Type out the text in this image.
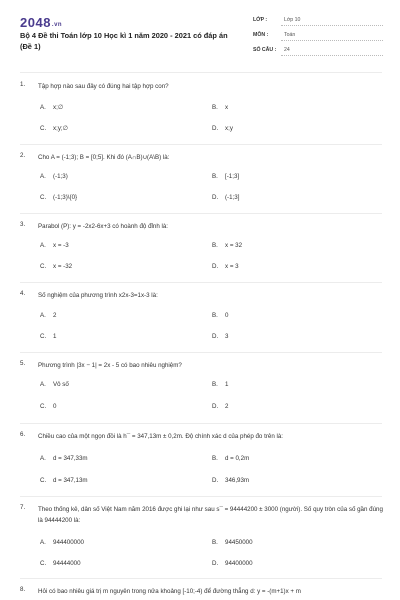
2048.vn
Bộ 4 Đề thi Toán lớp 10 Học kì 1 năm 2020 - 2021 có đáp án (Đề 1)
LỚP :	Lớp 10
MÔN :	Toán
SỐ CÂU : 24
1. Tập hợp nào sau đây có đúng hai tập hợp con?
A. x;∅	B. x
C. x;y;∅	D. x;y
2. Cho A = (-1;3); B = [0;5]. Khi đó (A∩B)∪(A\B) là:
A. (-1;3)	B. [-1;3]
C. (-1;3)\{0}	D. (-1;3]
3. Parabol (P): y = -2x2-6x+3 có hoành độ đỉnh là:
A. x = -3	B. x = 32
C. x = -32	D. x = 3
4. Số nghiệm của phương trình x2x-3=1x-3 là:
A. 2	B. 0
C. 1	D. 3
5. Phương trình |3x − 1| = 2x - 5 có bao nhiêu nghiệm?
A. Vô số	B. 1
C. 0	D. 2
6. Chiều cao của một ngọn đồi là h¯ = 347,13m ± 0,2m. Độ chính xác d của phép đo trên là:
A. d = 347,33m	B. d = 0,2m
C. d = 347,13m	D. 346,93m
7. Theo thống kê, dân số Việt Nam năm 2016 được ghi lại như sau s¯ = 94444200 ± 3000 (người). Số quy tròn của số gần đúng là 94444200 là:
A. 944400000	B. 94450000
C. 94444000	D. 94400000
8. Hỏi có bao nhiêu giá trị m nguyên trong nửa khoảng [-10;-4) để đường thẳng d: y = -(m+1)x + m
